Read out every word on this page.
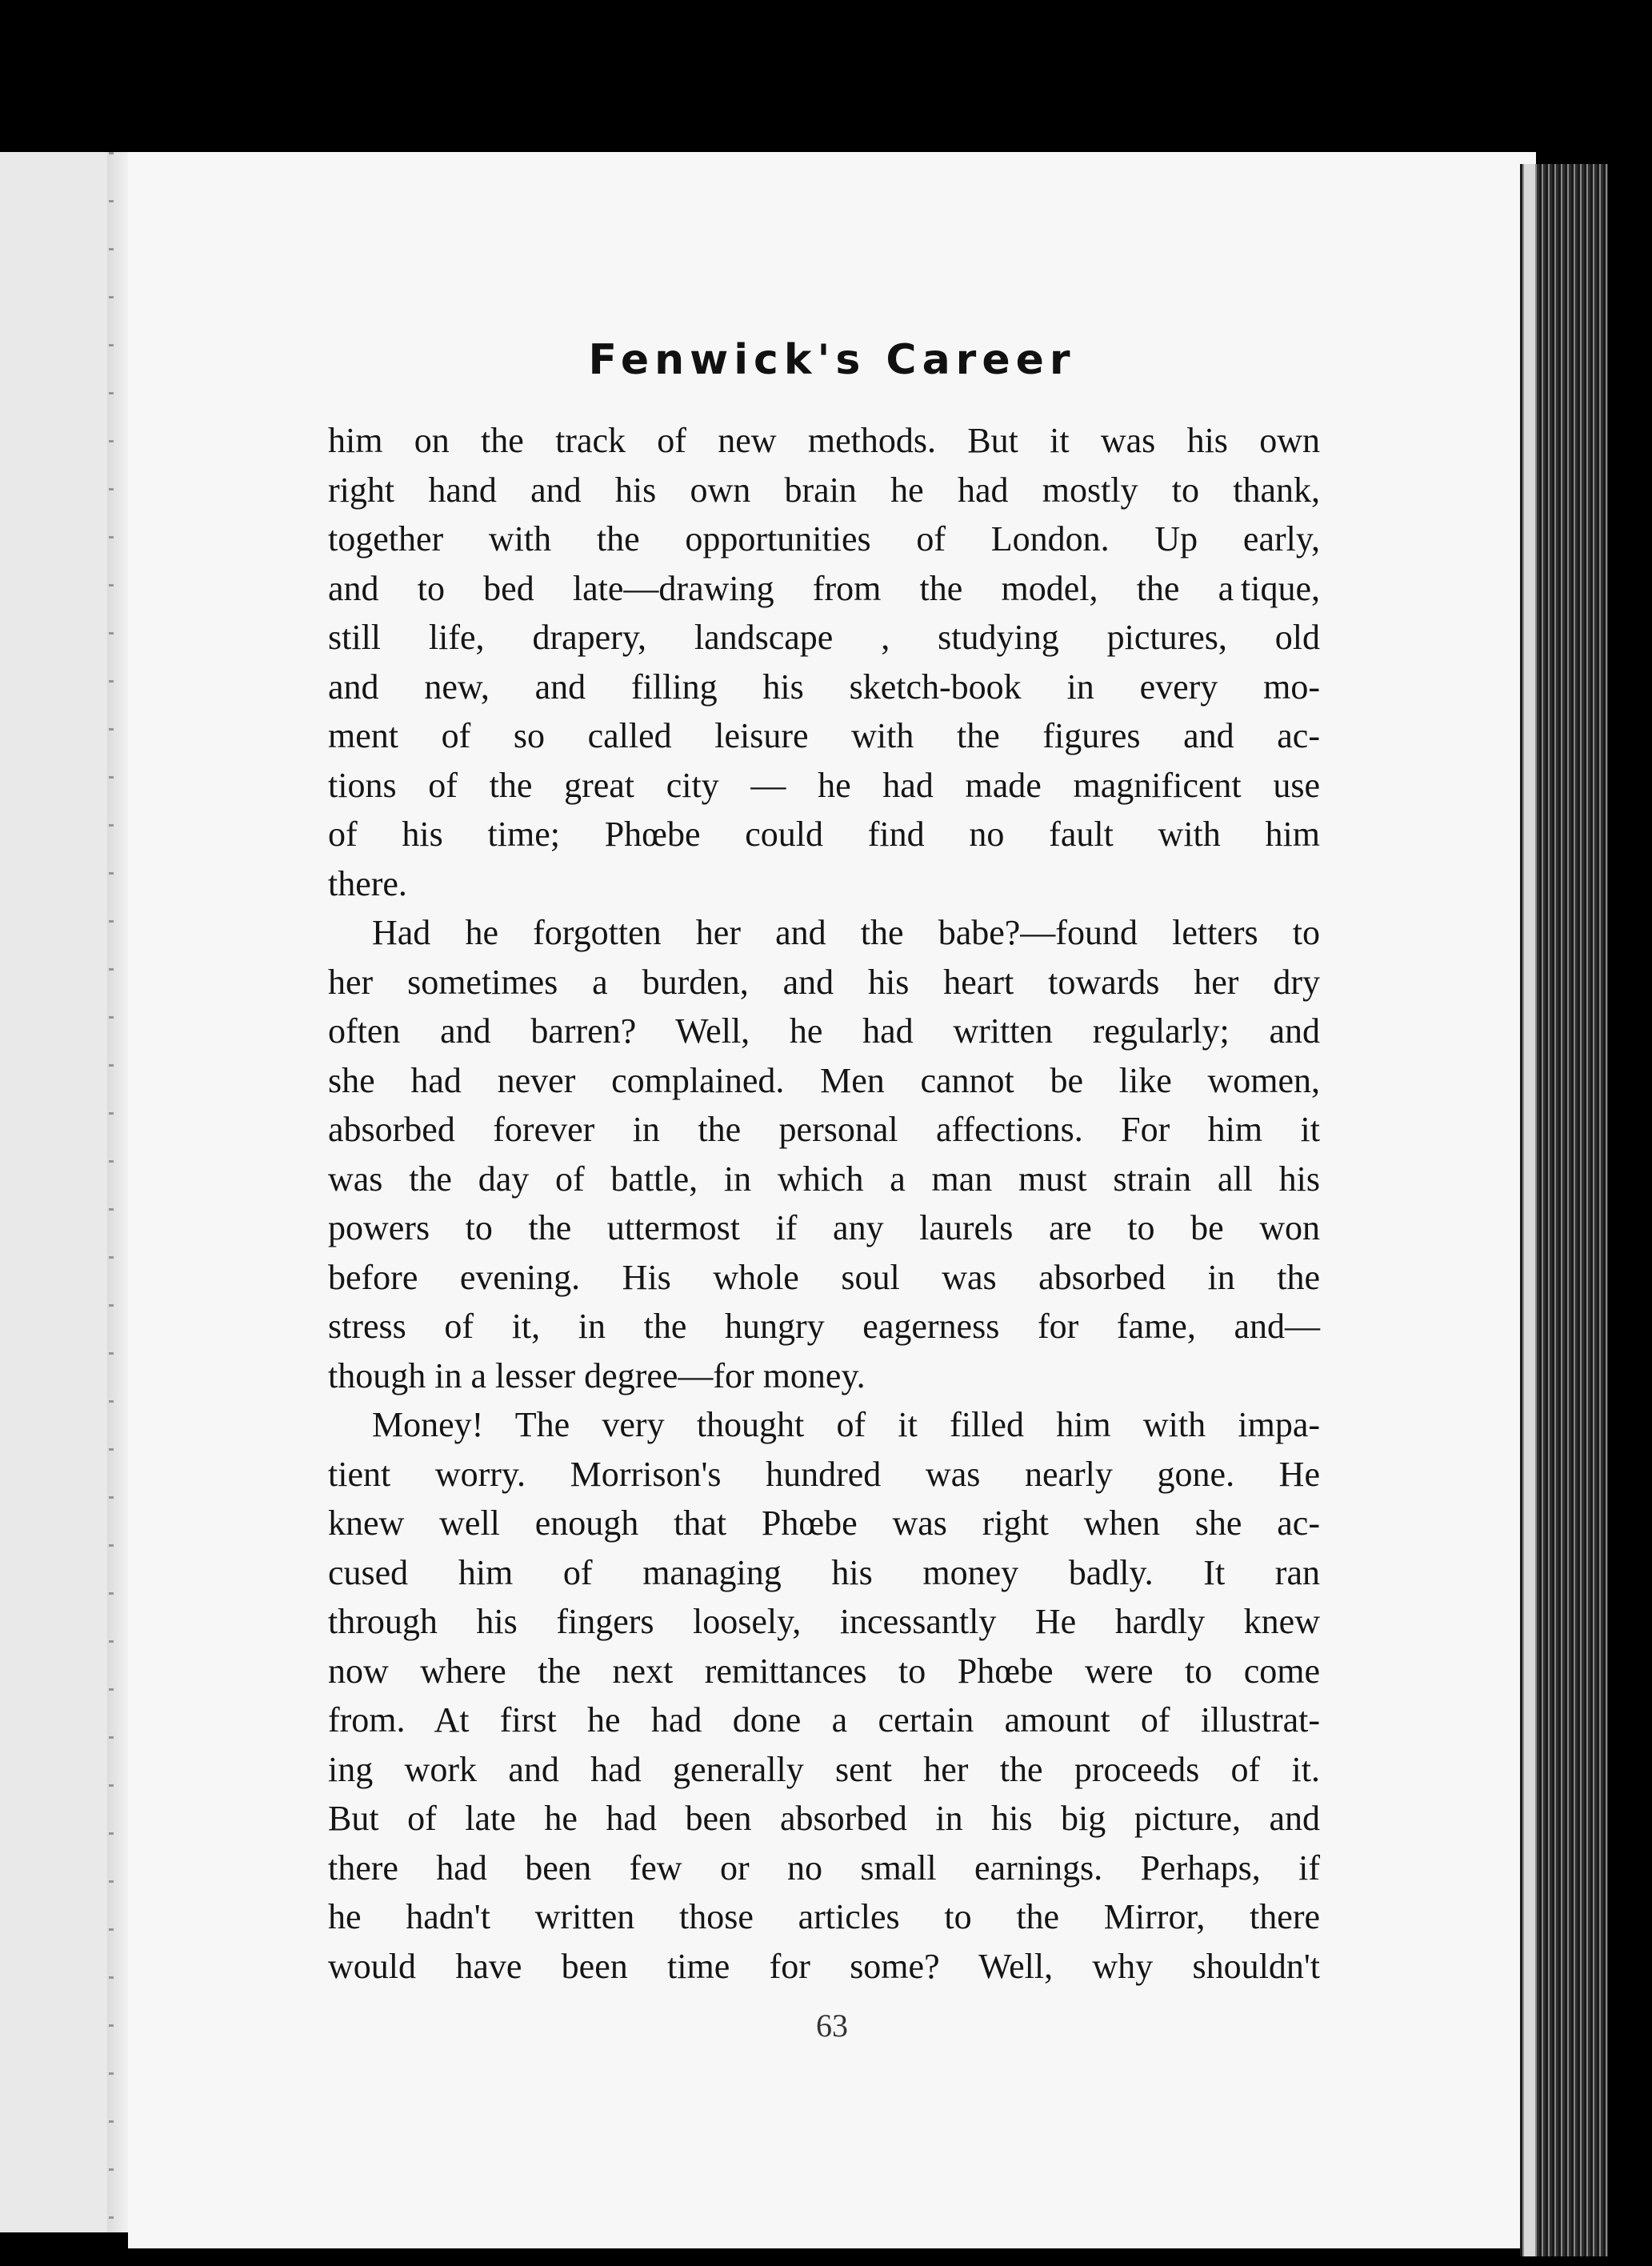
Fenwick's Career
him on the track of new methods. But it was his own
right hand and his own brain he had mostly to thank,
together with the opportunities of London. Up early,
and to bed late—drawing from the model, the a tique,
still life, drapery, landscape , studying pictures, old
and new, and filling his sketch-book in every mo-
ment of so called leisure with the figures and ac-
tions of the great city — he had made magnificent use
of his time; Phœbe could find no fault with him
there.
Had he forgotten her and the babe?—found letters to
her sometimes a burden, and his heart towards her dry
often and barren? Well, he had written regularly; and
she had never complained. Men cannot be like women,
absorbed forever in the personal affections. For him it
was the day of battle, in which a man must strain all his
powers to the uttermost if any laurels are to be won
before evening. His whole soul was absorbed in the
stress of it, in the hungry eagerness for fame, and—
though in a lesser degree—for money.
Money! The very thought of it filled him with impa-
tient worry. Morrison's hundred was nearly gone. He
knew well enough that Phœbe was right when she ac-
cused him of managing his money badly. It ran
through his fingers loosely, incessantly He hardly knew
now where the next remittances to Phœbe were to come
from. At first he had done a certain amount of illustrat-
ing work and had generally sent her the proceeds of it.
But of late he had been absorbed in his big picture, and
there had been few or no small earnings. Perhaps, if
he hadn't written those articles to the Mirror, there
would have been time for some? Well, why shouldn't
63
